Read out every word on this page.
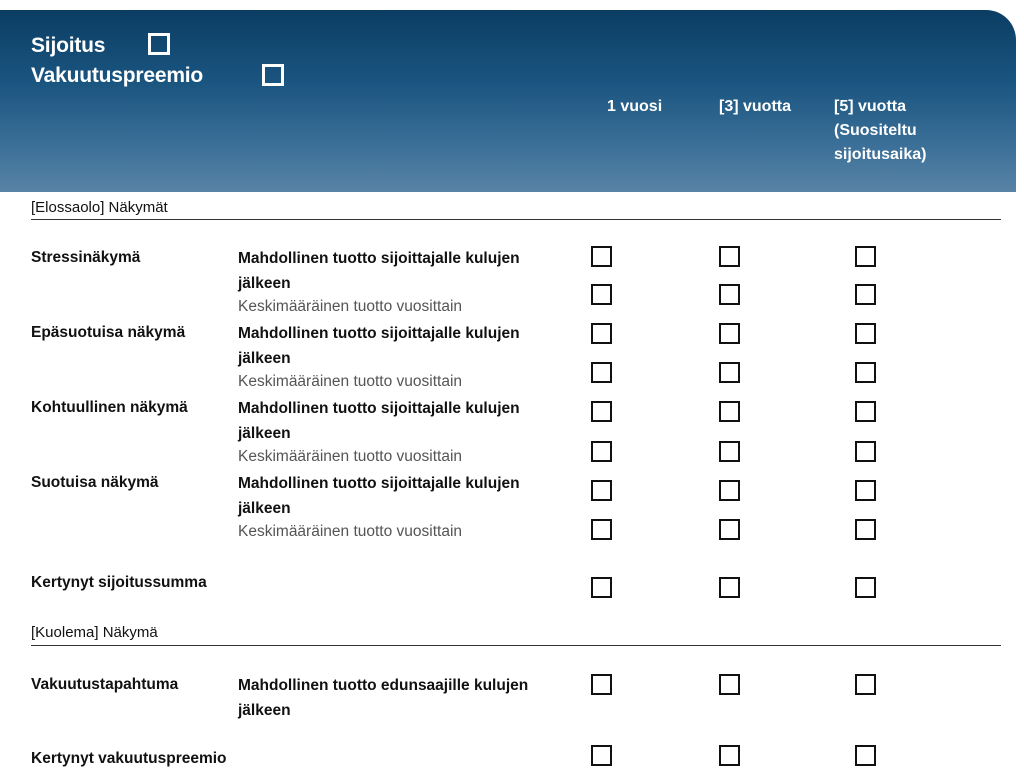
Sijoitus
Vakuutuspreemio
1 vuosi	[3] vuotta	[5] vuotta
(Suositeltu
sijoitusaika)
[Elossaolo] Näkymät
Stressinäkymä	Mahdollinen tuotto sijoittajalle kulujen jälkeen
Keskimääräinen tuotto vuosittain
Epäsuotuisa näkymä	Mahdollinen tuotto sijoittajalle kulujen jälkeen
Keskimääräinen tuotto vuosittain
Kohtuullinen näkymä	Mahdollinen tuotto sijoittajalle kulujen jälkeen
Keskimääräinen tuotto vuosittain
Suotuisa näkymä	Mahdollinen tuotto sijoittajalle kulujen jälkeen
Keskimääräinen tuotto vuosittain
Kertynyt sijoitussumma
[Kuolema] Näkymä
Vakuutustapahtuma	Mahdollinen tuotto edunsaajille kulujen jälkeen
Kertynyt vakuutuspreemio
